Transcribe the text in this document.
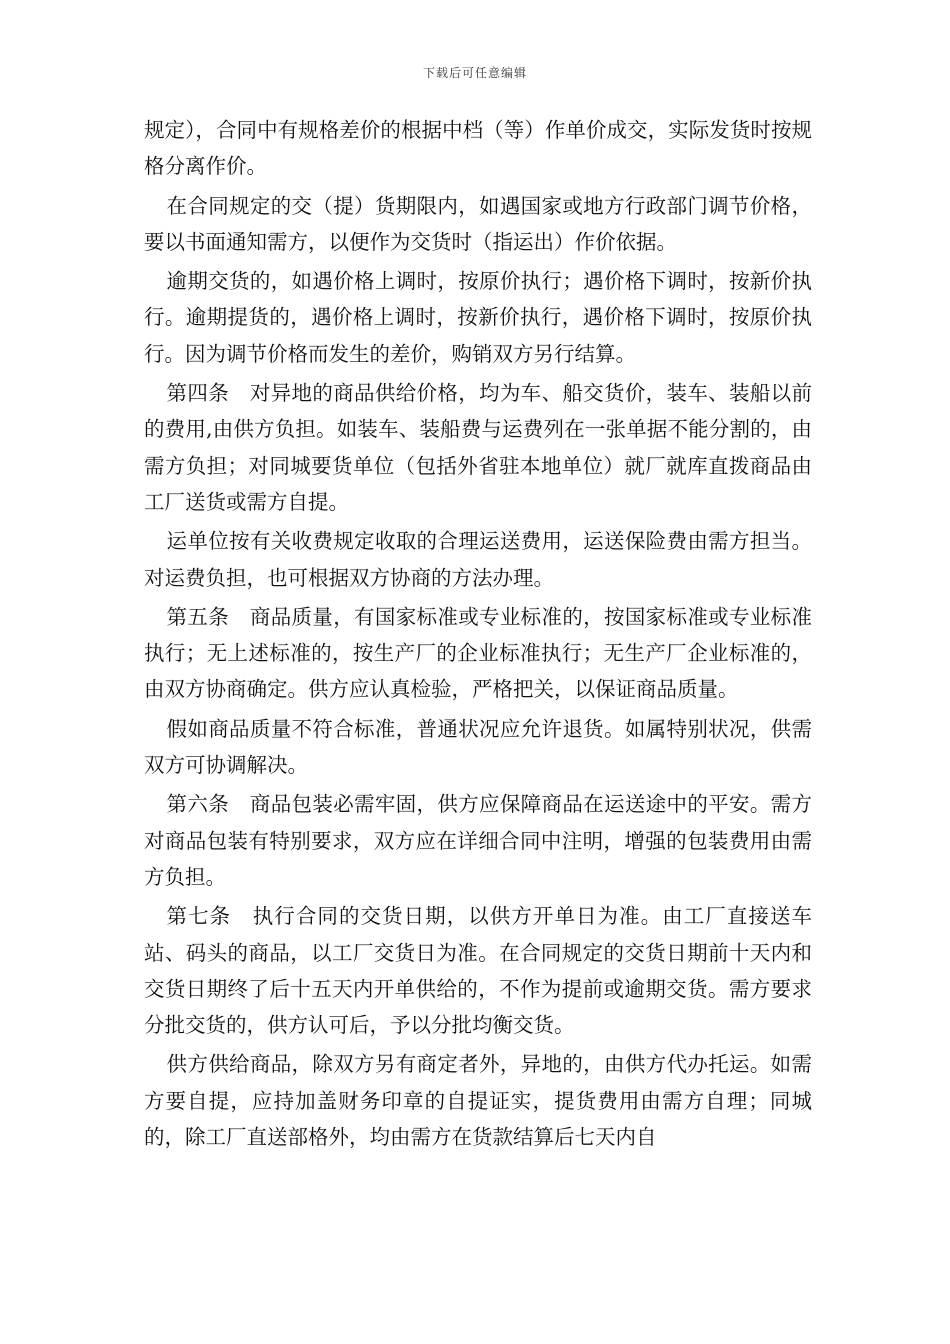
下载后可任意编辑

规定），合同中有规格差价的根据中档（等）作单价成交，实际发货时按规格分离作价。

在合同规定的交（提）货期限内，如遇国家或地方行政部门调节价格，要以书面通知需方，以便作为交货时（指运出）作价依据。

逾期交货的，如遇价格上调时，按原价执行；遇价格下调时，按新价执行。逾期提货的，遇价格上调时，按新价执行，遇价格下调时，按原价执行。因为调节价格而发生的差价，购销双方另行结算。

第四条　对异地的商品供给价格，均为车、船交货价，装车、装船以前的费用,由供方负担。如装车、装船费与运费列在一张单据不能分割的，由需方负担；对同城要货单位（包括外省驻本地单位）就厂就库直拨商品由工厂送货或需方自提。

运单位按有关收费规定收取的合理运送费用，运送保险费由需方担当。对运费负担，也可根据双方协商的方法办理。

第五条　商品质量，有国家标准或专业标准的，按国家标准或专业标准执行；无上述标准的，按生产厂的企业标准执行；无生产厂企业标准的，由双方协商确定。供方应认真检验，严格把关，以保证商品质量。

假如商品质量不符合标准，普通状况应允许退货。如属特别状况，供需双方可协调解决。

第六条　商品包装必需牢固，供方应保障商品在运送途中的平安。需方对商品包装有特别要求，双方应在详细合同中注明，增强的包装费用由需方负担。

第七条　执行合同的交货日期，以供方开单日为准。由工厂直接送车站、码头的商品，以工厂交货日为准。在合同规定的交货日期前十天内和交货日期终了后十五天内开单供给的，不作为提前或逾期交货。需方要求分批交货的，供方认可后，予以分批均衡交货。

供方供给商品，除双方另有商定者外，异地的，由供方代办托运。如需方要自提，应持加盖财务印章的自提证实，提货费用由需方自理；同城的，除工厂直送部格外，均由需方在货款结算后七天内自
